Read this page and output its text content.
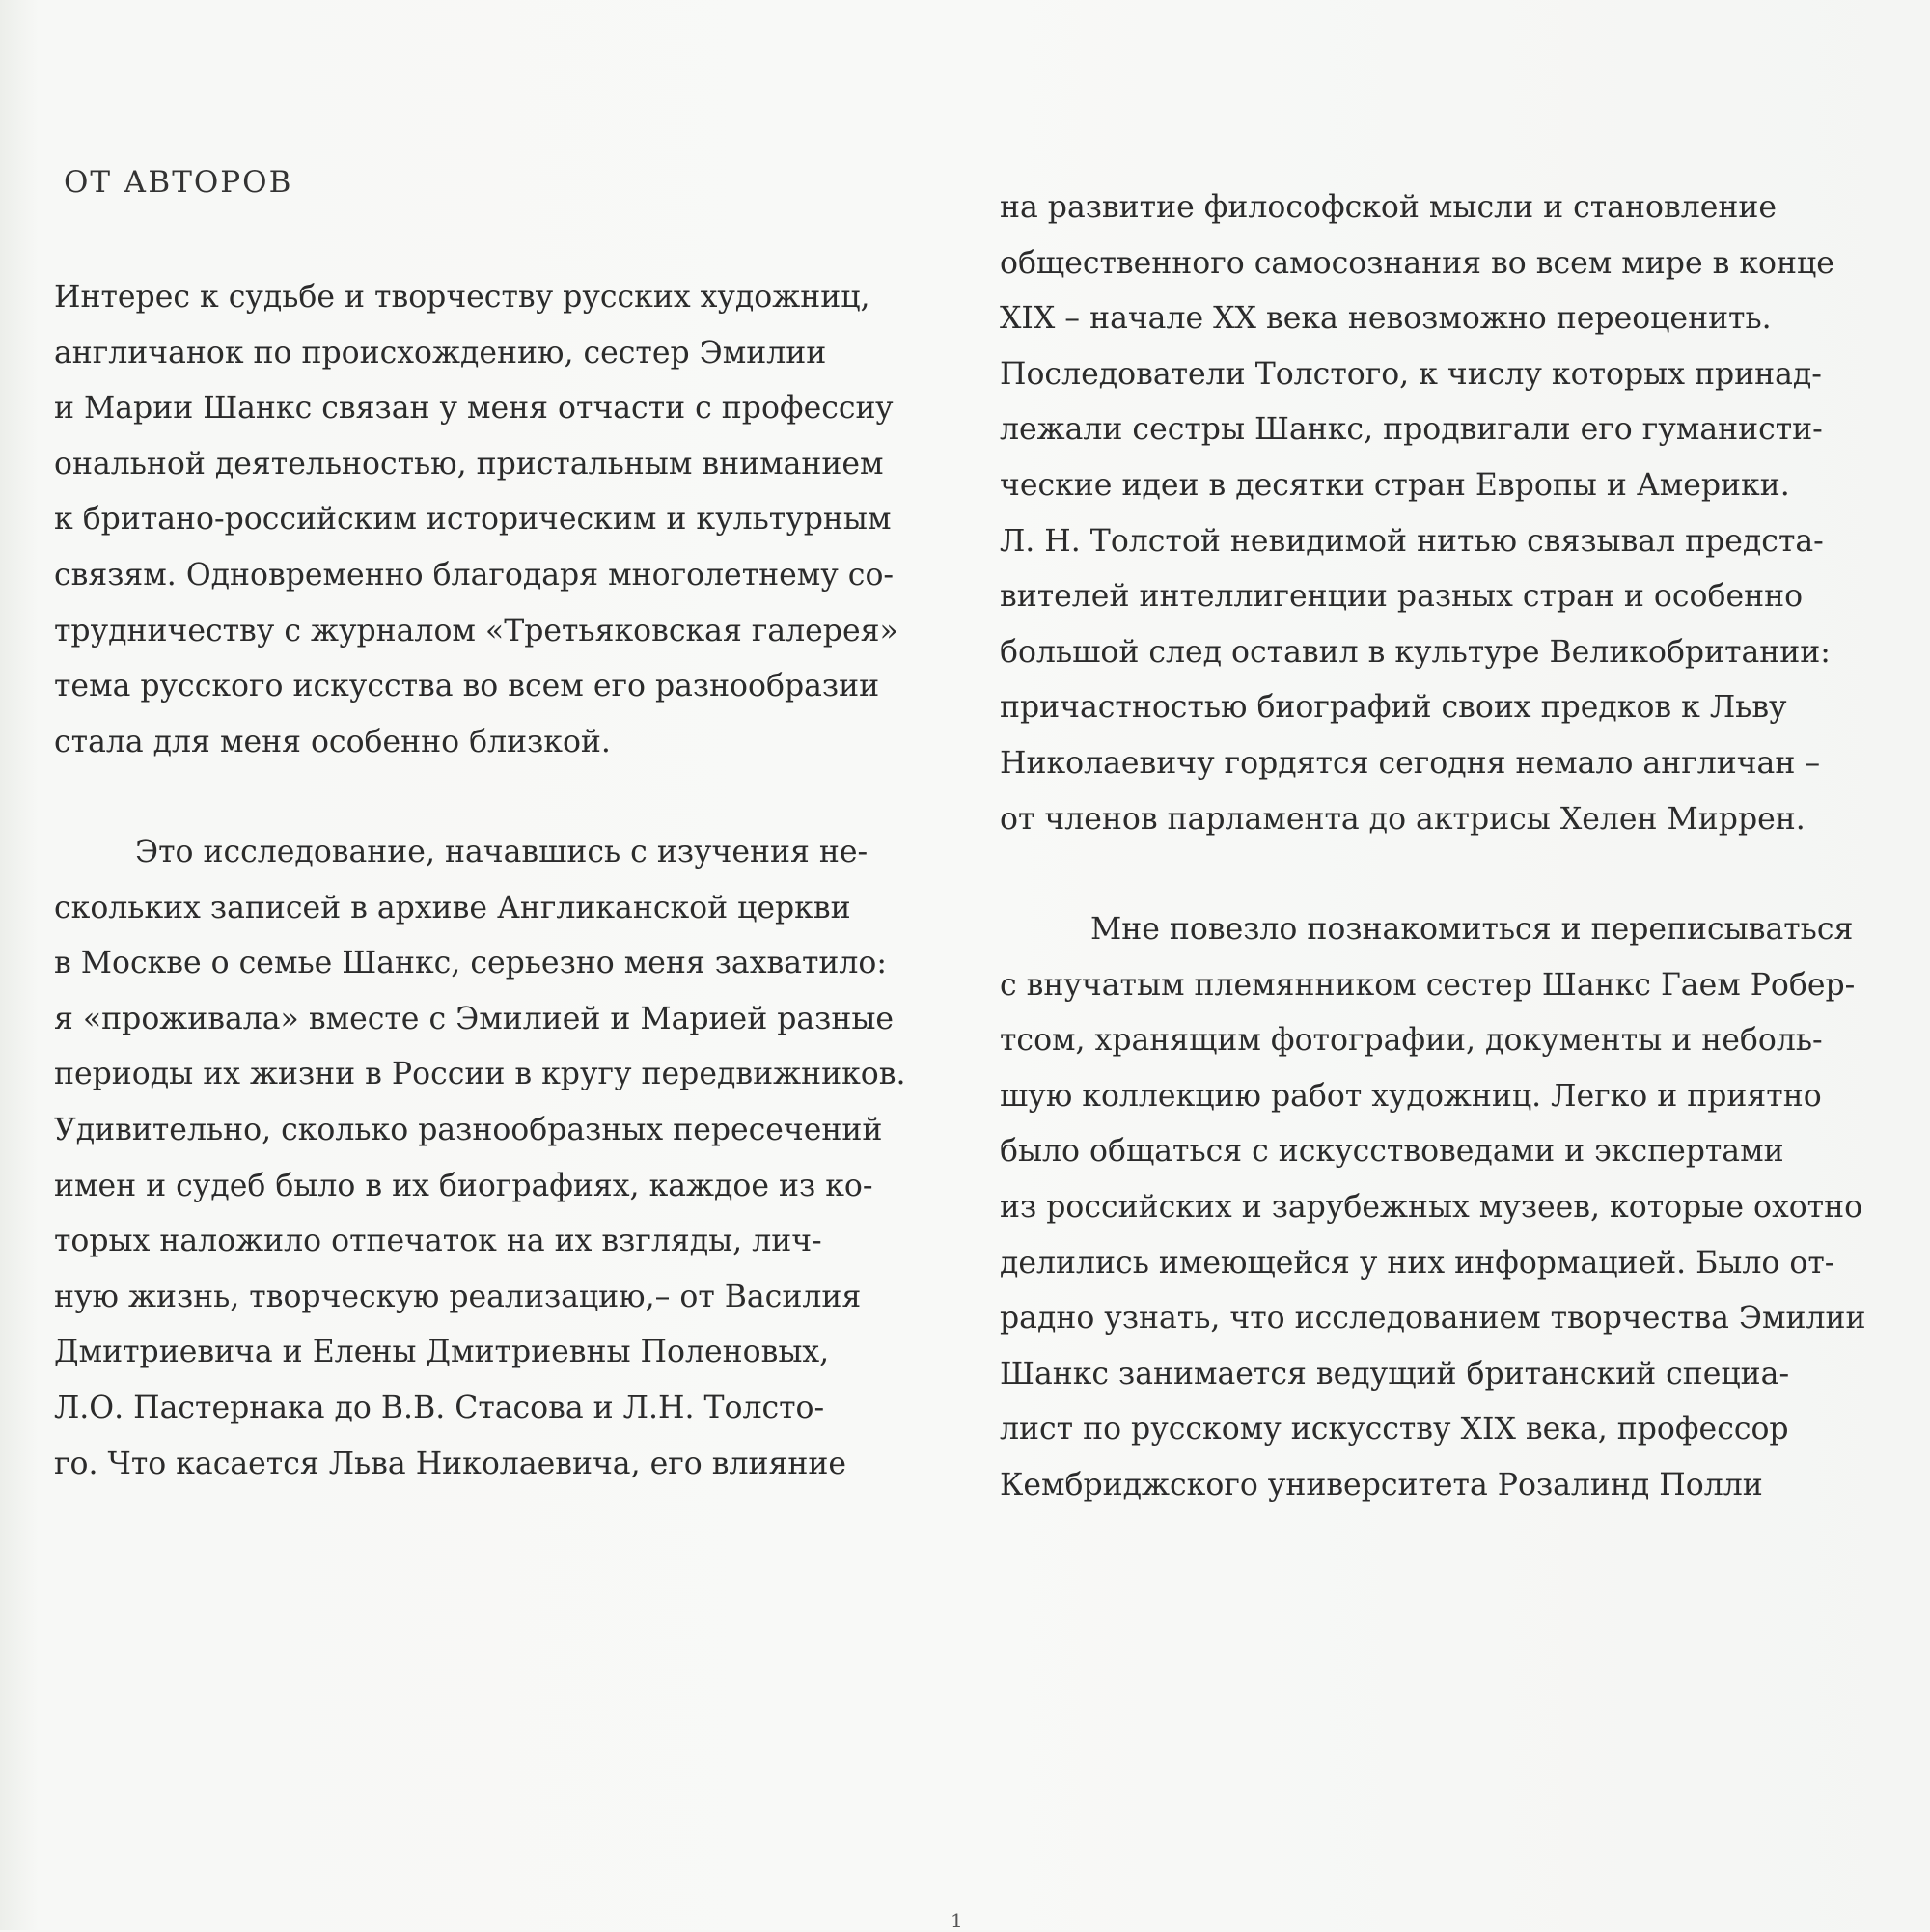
ОТ АВТОРОВ
Интерес к судьбе и творчеству русских художниц,
англичанок по происхождению, сестер Эмилии
и Марии Шанкс связан у меня отчасти с профессиy
ональной деятельностью, пристальным вниманием
к британо-российским историческим и культурным
связям. Одновременно благодаря многолетнему со-
трудничеству с журналом «Третьяковская галерея»
тема русского искусства во всем его разнообразии
стала для меня особенно близкой.
Это исследование, начавшись с изучения не-
скольких записей в архиве Англиканской церкви
в Москве о семье Шанкс, серьезно меня захватило:
я «проживала» вместе с Эмилией и Марией разные
периоды их жизни в России в кругу передвижников.
Удивительно, сколько разнообразных пересечений
имен и судеб было в их биографиях, каждое из ко-
торых наложило отпечаток на их взгляды, лич-
ную жизнь, творческую реализацию,– от Василия
Дмитриевича и Елены Дмитриевны Поленовых,
Л.О. Пастернака до В.В. Стасова и Л.Н. Толсто-
го. Что касается Льва Николаевича, его влияние
на развитие философской мысли и становление
общественного самосознания во всем мире в конце
XIX – начале XX века невозможно переоценить.
Последователи Толстого, к числу которых принад-
лежали сестры Шанкс, продвигали его гуманисти-
ческие идеи в десятки стран Европы и Америки.
Л. Н. Толстой невидимой нитью связывал предста-
вителей интеллигенции разных стран и особенно
большой след оставил в культуре Великобритании:
причастностью биографий своих предков к Льву
Николаевичу гордятся сегодня немало англичан –
от членов парламента до актрисы Хелен Миррен.
Мне повезло познакомиться и переписываться
с внучатым племянником сестер Шанкс Гаем Робер-
тсом, хранящим фотографии, документы и неболь-
шую коллекцию работ художниц. Легко и приятно
было общаться с искусствоведами и экспертами
из российских и зарубежных музеев, которые охотно
делились имеющейся у них информацией. Было от-
радно узнать, что исследованием творчества Эмилии
Шанкс занимается ведущий британский специа-
лист по русскому искусству XIX века, профессор
Кембриджского университета Розалинд Полли
1
